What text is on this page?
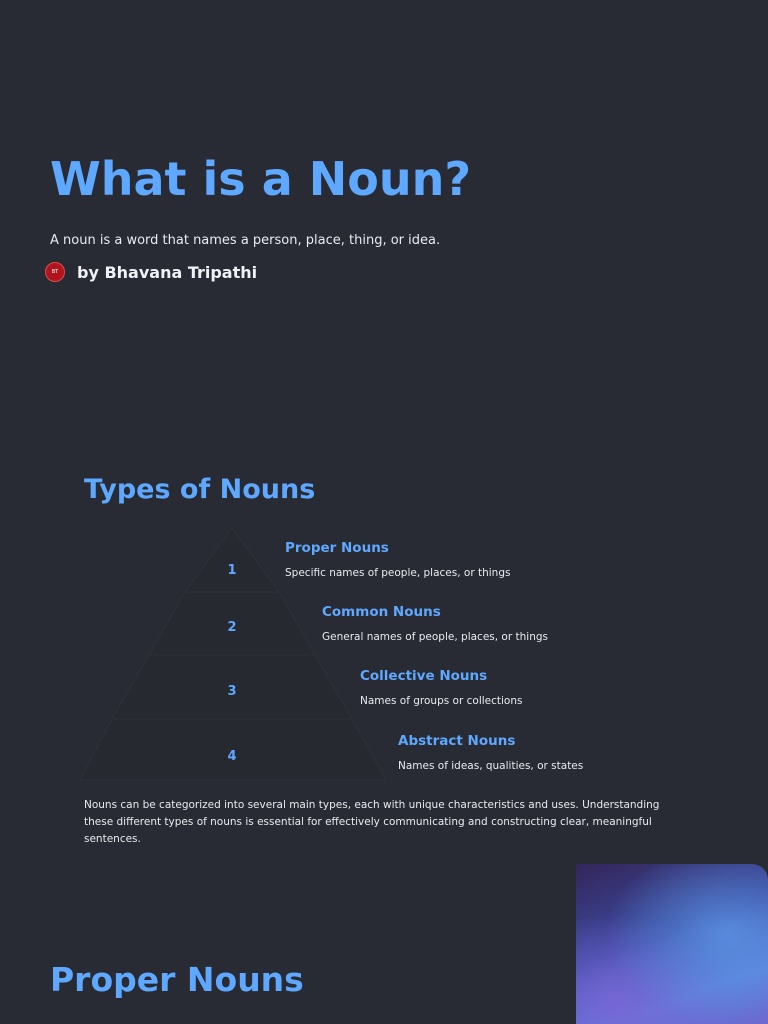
What is a Noun?

A noun is a word that names a person, place, thing, or idea.

BT	by Bhavana Tripathi
Types of Nouns
1
2
3
4

Proper Nouns

Specific names of people, places, or things

Common Nouns

General names of people, places, or things

Collective Nouns

Names of groups or collections

Abstract Nouns

Names of ideas, qualities, or states

Nouns can be categorized into several main types, each with unique characteristics and uses. Understanding these different types of nouns is essential for effectively communicating and constructing clear, meaningful sentences.

Proper Nouns
